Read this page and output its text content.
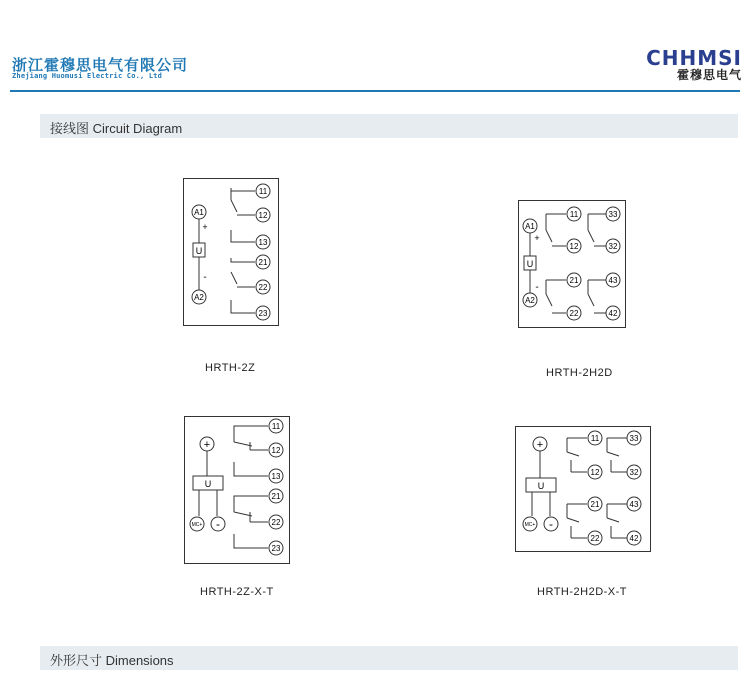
浙江霍穆思电气有限公司
Zhejiang Huomusi Electric Co., Ltd
CHHMSI
霍穆思电气
接线图 Circuit Diagram
A1
+
U
-
A2
11
12
13
21
22
23
A1
+
U
-
A2
11
12
21
22
33
32
43
42
+
U
MC+ -
11
12
13
21
22
23
+
U
MC+ -
11
12
21
22
33
32
43
42
HRTH-2Z	HRTH-2H2D
HRTH-2Z-X-T	HRTH-2H2D-X-T
外形尺寸 Dimensions
